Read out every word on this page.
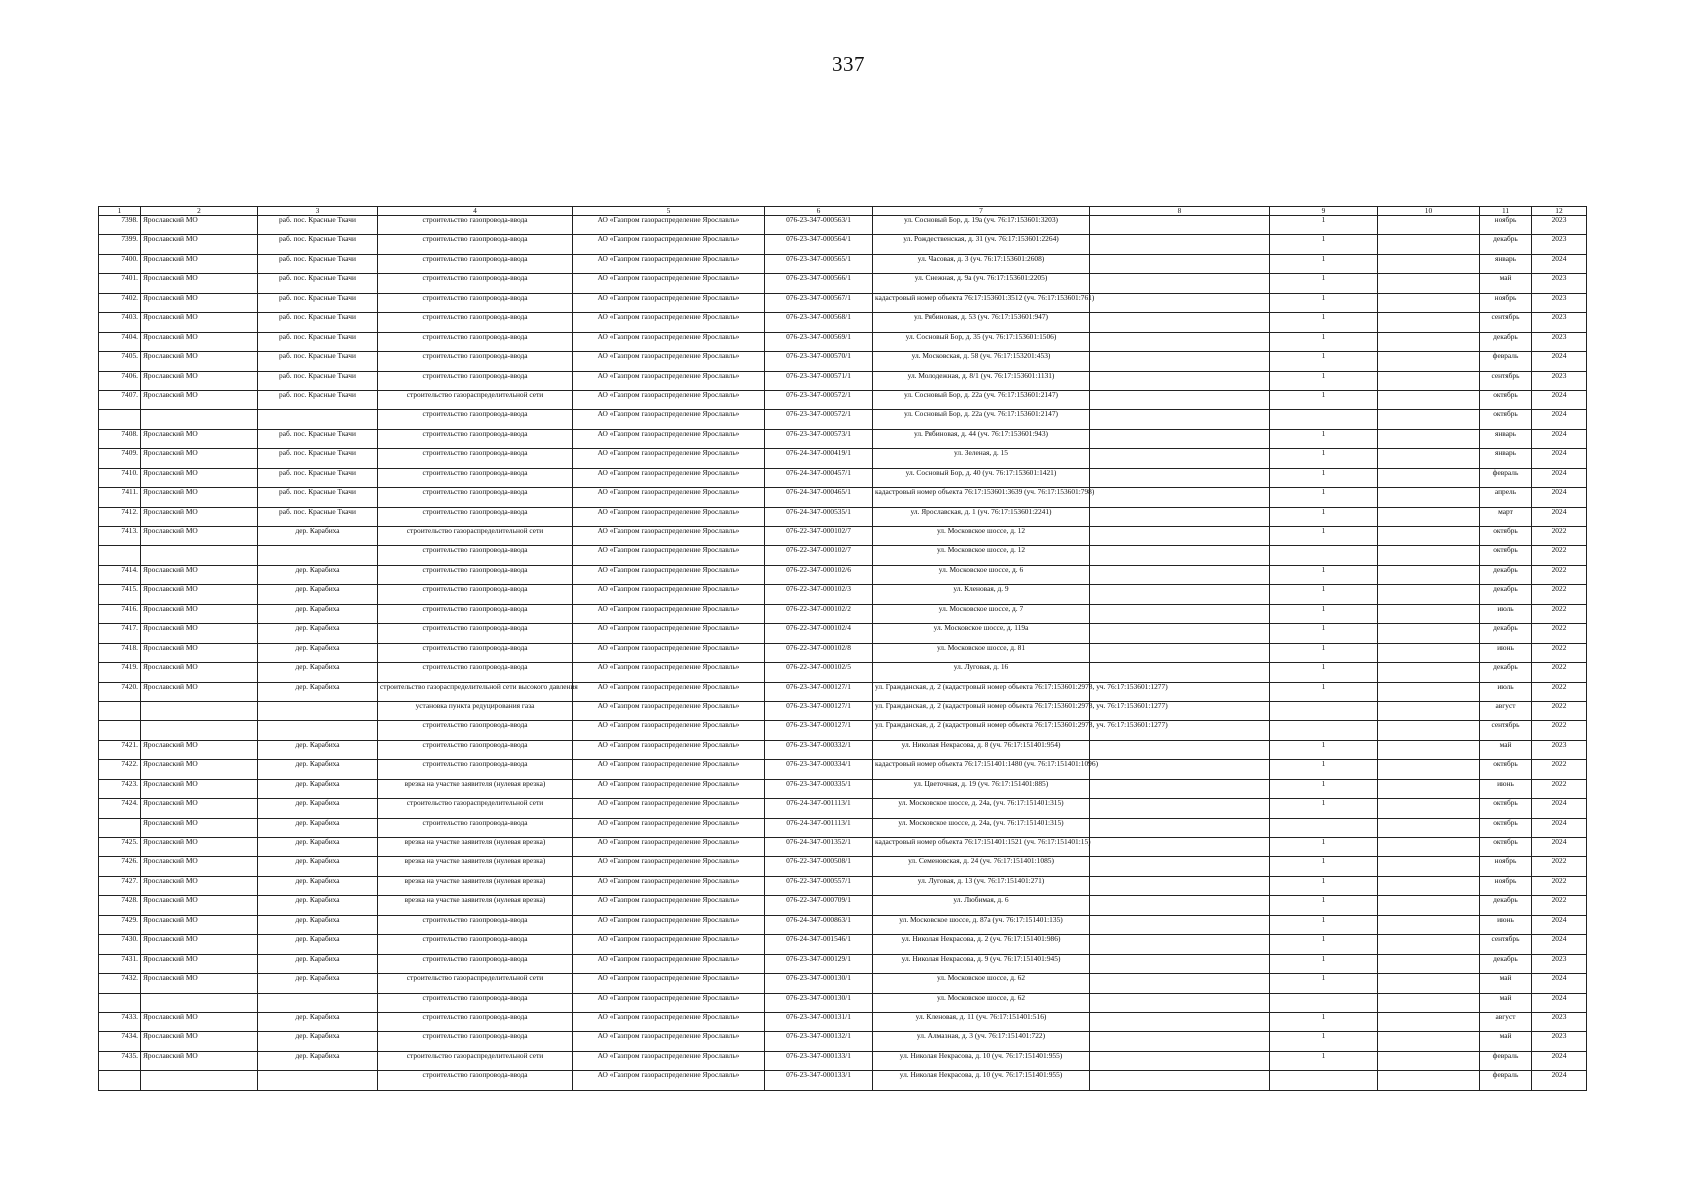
337
1	2	3	4	5	6	7	8	9	10	11	12
7398.	Ярославский МО	раб. пос. Красные Ткачи	строительство газопровода-ввода	АО «Газпром газораспределение Ярославль»	076-23-347-000563/1	ул. Сосновый Бор, д. 19а (уч. 76:17:153601:3203)		1		ноябрь	2023
7399.	Ярославский МО	раб. пос. Красные Ткачи	строительство газопровода-ввода	АО «Газпром газораспределение Ярославль»	076-23-347-000564/1	ул. Рождественская, д. 31 (уч. 76:17:153601:2264)		1		декабрь	2023
7400.	Ярославский МО	раб. пос. Красные Ткачи	строительство газопровода-ввода	АО «Газпром газораспределение Ярославль»	076-23-347-000565/1	ул. Часовая, д. 3 (уч. 76:17:153601:2608)		1		январь	2024
7401.	Ярославский МО	раб. пос. Красные Ткачи	строительство газопровода-ввода	АО «Газпром газораспределение Ярославль»	076-23-347-000566/1	ул. Снежная, д. 9а (уч. 76:17:153601:2205)		1		май	2023
7402.	Ярославский МО	раб. пос. Красные Ткачи	строительство газопровода-ввода	АО «Газпром газораспределение Ярославль»	076-23-347-000567/1	кадастровый номер объекта 76:17:153601:3512 (уч. 76:17:153601:761)		1		ноябрь	2023
7403.	Ярославский МО	раб. пос. Красные Ткачи	строительство газопровода-ввода	АО «Газпром газораспределение Ярославль»	076-23-347-000568/1	ул. Рябиновая, д. 53 (уч. 76:17:153601:947)		1		сентябрь	2023
7404.	Ярославский МО	раб. пос. Красные Ткачи	строительство газопровода-ввода	АО «Газпром газораспределение Ярославль»	076-23-347-000569/1	ул. Сосновый Бор, д. 35 (уч. 76:17:153601:1506)		1		декабрь	2023
7405.	Ярославский МО	раб. пос. Красные Ткачи	строительство газопровода-ввода	АО «Газпром газораспределение Ярославль»	076-23-347-000570/1	ул. Московская, д. 58 (уч. 76:17:153201:453)		1		февраль	2024
7406.	Ярославский МО	раб. пос. Красные Ткачи	строительство газопровода-ввода	АО «Газпром газораспределение Ярославль»	076-23-347-000571/1	ул. Молодежная, д. 8/1 (уч. 76:17:153601:1131)		1		сентябрь	2023
7407.	Ярославский МО	раб. пос. Красные Ткачи	строительство газораспределительной сети	АО «Газпром газораспределение Ярославль»	076-23-347-000572/1	ул. Сосновый Бор, д. 22а (уч. 76:17:153601:2147)		1		октябрь	2024
			строительство газопровода-ввода	АО «Газпром газораспределение Ярославль»	076-23-347-000572/1	ул. Сосновый Бор, д. 22а (уч. 76:17:153601:2147)				октябрь	2024
7408.	Ярославский МО	раб. пос. Красные Ткачи	строительство газопровода-ввода	АО «Газпром газораспределение Ярославль»	076-23-347-000573/1	ул. Рябиновая, д. 44 (уч. 76:17:153601:943)		1		январь	2024
7409.	Ярославский МО	раб. пос. Красные Ткачи	строительство газопровода-ввода	АО «Газпром газораспределение Ярославль»	076-24-347-000419/1	ул. Зеленая, д. 15		1		январь	2024
7410.	Ярославский МО	раб. пос. Красные Ткачи	строительство газопровода-ввода	АО «Газпром газораспределение Ярославль»	076-24-347-000457/1	ул. Сосновый Бор, д. 40 (уч. 76:17:153601:1421)		1		февраль	2024
7411.	Ярославский МО	раб. пос. Красные Ткачи	строительство газопровода-ввода	АО «Газпром газораспределение Ярославль»	076-24-347-000465/1	кадастровый номер объекта 76:17:153601:3639 (уч. 76:17:153601:798)		1		апрель	2024
7412.	Ярославский МО	раб. пос. Красные Ткачи	строительство газопровода-ввода	АО «Газпром газораспределение Ярославль»	076-24-347-000535/1	ул. Ярославская, д. 1 (уч. 76:17:153601:2241)		1		март	2024
7413.	Ярославский МО	дер. Карабиха	строительство газораспределительной сети	АО «Газпром газораспределение Ярославль»	076-22-347-000102/7	ул. Московское шоссе, д. 12		1		октябрь	2022
			строительство газопровода-ввода	АО «Газпром газораспределение Ярославль»	076-22-347-000102/7	ул. Московское шоссе, д. 12				октябрь	2022
7414.	Ярославский МО	дер. Карабиха	строительство газопровода-ввода	АО «Газпром газораспределение Ярославль»	076-22-347-000102/6	ул. Московское шоссе, д. 6		1		декабрь	2022
7415.	Ярославский МО	дер. Карабиха	строительство газопровода-ввода	АО «Газпром газораспределение Ярославль»	076-22-347-000102/3	ул. Кленовая, д. 9		1		декабрь	2022
7416.	Ярославский МО	дер. Карабиха	строительство газопровода-ввода	АО «Газпром газораспределение Ярославль»	076-22-347-000102/2	ул. Московское шоссе, д. 7		1		июль	2022
7417.	Ярославский МО	дер. Карабиха	строительство газопровода-ввода	АО «Газпром газораспределение Ярославль»	076-22-347-000102/4	ул. Московское шоссе, д. 119а		1		декабрь	2022
7418.	Ярославский МО	дер. Карабиха	строительство газопровода-ввода	АО «Газпром газораспределение Ярославль»	076-22-347-000102/8	ул. Московское шоссе, д. 81		1		июнь	2022
7419.	Ярославский МО	дер. Карабиха	строительство газопровода-ввода	АО «Газпром газораспределение Ярославль»	076-22-347-000102/5	ул. Луговая, д. 16		1		декабрь	2022
7420.	Ярославский МО	дер. Карабиха	строительство газораспределительной сети высокого давления	АО «Газпром газораспределение Ярославль»	076-23-347-000127/1	ул. Гражданская, д. 2 (кадастровый номер объекта 76:17:153601:2978, уч. 76:17:153601:1277)		1		июль	2022
			установка пункта редуцирования газа	АО «Газпром газораспределение Ярославль»	076-23-347-000127/1	ул. Гражданская, д. 2 (кадастровый номер объекта 76:17:153601:2978, уч. 76:17:153601:1277)				август	2022
			строительство газопровода-ввода	АО «Газпром газораспределение Ярославль»	076-23-347-000127/1	ул. Гражданская, д. 2 (кадастровый номер объекта 76:17:153601:2978, уч. 76:17:153601:1277)				сентябрь	2022
7421.	Ярославский МО	дер. Карабиха	строительство газопровода-ввода	АО «Газпром газораспределение Ярославль»	076-23-347-000332/1	ул. Николая Некрасова, д. 8 (уч. 76:17:151401:954)		1		май	2023
7422.	Ярославский МО	дер. Карабиха	строительство газопровода-ввода	АО «Газпром газораспределение Ярославль»	076-23-347-000334/1	кадастровый номер объекта 76:17:151401:1480 (уч. 76:17:151401:1096)		1		октябрь	2022
7423.	Ярославский МО	дер. Карабиха	врезка на участке заявителя (нулевая врезка)	АО «Газпром газораспределение Ярославль»	076-23-347-000335/1	ул. Цветочная, д. 19 (уч. 76:17:151401:885)		1		июнь	2022
7424.	Ярославский МО	дер. Карабиха	строительство газораспределительной сети	АО «Газпром газораспределение Ярославль»	076-24-347-001113/1	ул. Московское шоссе, д. 24а, (уч. 76:17:151401:315)		1		октябрь	2024
	Ярославский МО	дер. Карабиха	строительство газопровода-ввода	АО «Газпром газораспределение Ярославль»	076-24-347-001113/1	ул. Московское шоссе, д. 24а, (уч. 76:17:151401:315)				октябрь	2024
7425.	Ярославский МО	дер. Карабиха	врезка на участке заявителя (нулевая врезка)	АО «Газпром газораспределение Ярославль»	076-24-347-001352/1	кадастровый номер объекта 76:17:151401:1521 (уч. 76:17:151401:15)		1		октябрь	2024
7426.	Ярославский МО	дер. Карабиха	врезка на участке заявителя (нулевая врезка)	АО «Газпром газораспределение Ярославль»	076-22-347-000508/1	ул. Семеновская, д. 24 (уч. 76:17:151401:1085)		1		ноябрь	2022
7427.	Ярославский МО	дер. Карабиха	врезка на участке заявителя (нулевая врезка)	АО «Газпром газораспределение Ярославль»	076-22-347-000557/1	ул. Луговая, д. 13 (уч. 76:17:151401:271)		1		ноябрь	2022
7428.	Ярославский МО	дер. Карабиха	врезка на участке заявителя (нулевая врезка)	АО «Газпром газораспределение Ярославль»	076-22-347-000709/1	ул. Любимая, д. 6		1		декабрь	2022
7429.	Ярославский МО	дер. Карабиха	строительство газопровода-ввода	АО «Газпром газораспределение Ярославль»	076-24-347-000863/1	ул. Московское шоссе, д. 87а (уч. 76:17:151401:135)		1		июнь	2024
7430.	Ярославский МО	дер. Карабиха	строительство газопровода-ввода	АО «Газпром газораспределение Ярославль»	076-24-347-001546/1	ул. Николая Некрасова, д. 2 (уч. 76:17:151401:986)		1		сентябрь	2024
7431.	Ярославский МО	дер. Карабиха	строительство газопровода-ввода	АО «Газпром газораспределение Ярославль»	076-23-347-000129/1	ул. Николая Некрасова, д. 9 (уч. 76:17:151401:945)		1		декабрь	2023
7432.	Ярославский МО	дер. Карабиха	строительство газораспределительной сети	АО «Газпром газораспределение Ярославль»	076-23-347-000130/1	ул. Московское шоссе, д. 62		1		май	2024
			строительство газопровода-ввода	АО «Газпром газораспределение Ярославль»	076-23-347-000130/1	ул. Московское шоссе, д. 62				май	2024
7433.	Ярославский МО	дер. Карабиха	строительство газопровода-ввода	АО «Газпром газораспределение Ярославль»	076-23-347-000131/1	ул. Кленовая, д. 11 (уч. 76:17:151401:516)		1		август	2023
7434.	Ярославский МО	дер. Карабиха	строительство газопровода-ввода	АО «Газпром газораспределение Ярославль»	076-23-347-000132/1	ул. Алмазная, д. 3 (уч. 76:17:151401:722)		1		май	2023
7435.	Ярославский МО	дер. Карабиха	строительство газораспределительной сети	АО «Газпром газораспределение Ярославль»	076-23-347-000133/1	ул. Николая Некрасова, д. 10 (уч. 76:17:151401:955)		1		февраль	2024
			строительство газопровода-ввода	АО «Газпром газораспределение Ярославль»	076-23-347-000133/1	ул. Николая Некрасова, д. 10 (уч. 76:17:151401:955)				февраль	2024
